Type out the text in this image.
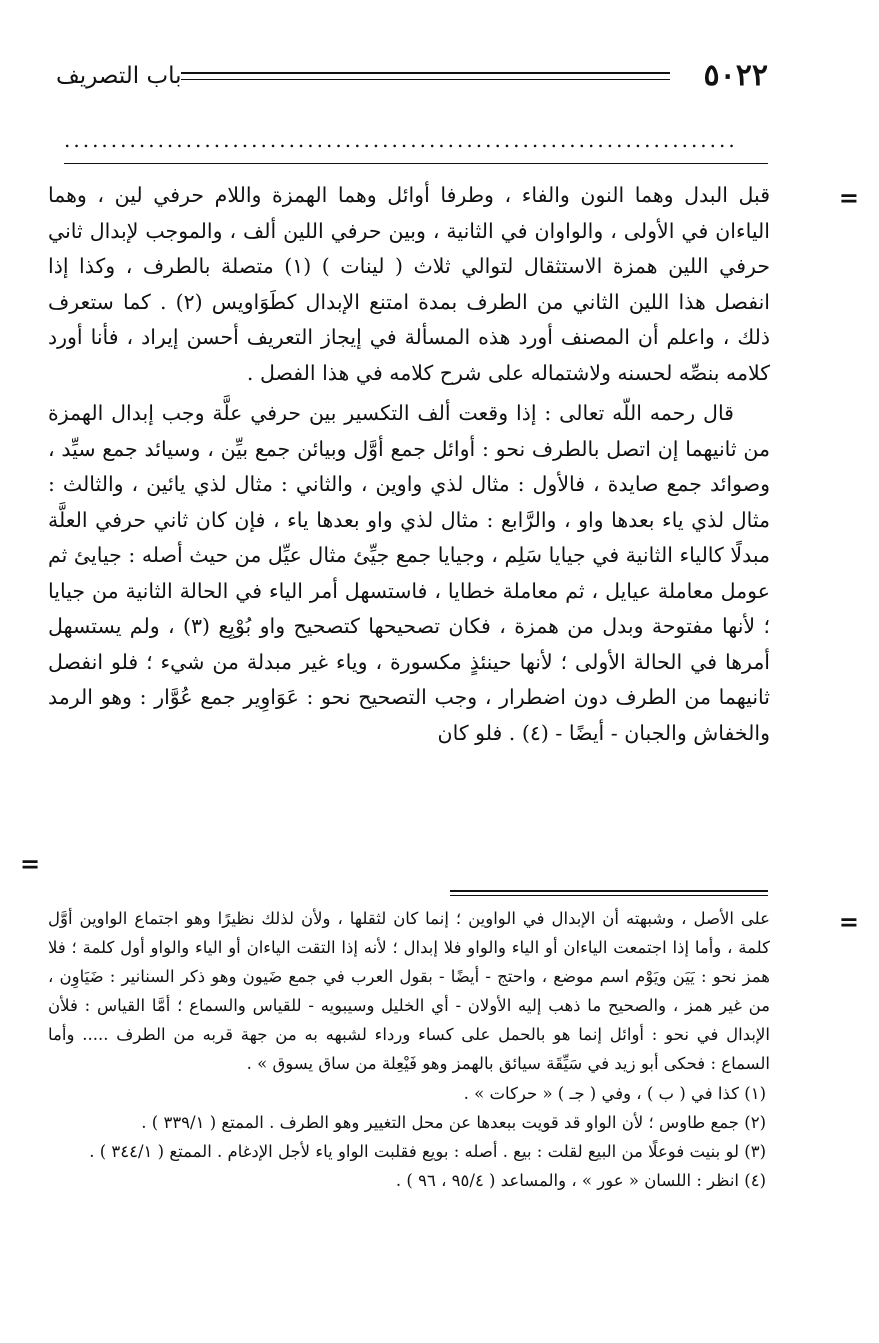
٥٠٢٢
باب التصريف
........................................................................
=

قبل البدل وهما النون والفاء ، وطرفا أوائل وهما الهمزة واللام حرفي لين ، وهما الياءان في الأولى ، والواوان في الثانية ، وبين حرفي اللين ألف ، والموجب لإبدال ثاني حرفي اللين همزة الاستثقال لتوالي ثلاث ( لينات ) (١) متصلة بالطرف ، وكذا إذا انفصل هذا اللين الثاني من الطرف بمدة امتنع الإبدال كطَوَاويس (٢) . كما ستعرف ذلك ، واعلم أن المصنف أورد هذه المسألة في إيجاز التعريف أحسن إيراد ، فأنا أورد كلامه بنصِّه لحسنه ولاشتماله على شرح كلامه في هذا الفصل .

قال رحمه اللّه تعالى : إذا وقعت ألف التكسير بين حرفي علَّة وجب إبدال الهمزة من ثانيهما إن اتصل بالطرف نحو : أوائل جمع أوَّل وبيائن جمع بيِّن ، وسيائد جمع سيِّد ، وصوائد جمع صايدة ، فالأول : مثال لذي واوين ، والثاني : مثال لذي يائين ، والثالث : مثال لذي ياء بعدها واو ، والرَّابع : مثال لذي واو بعدها ياء ، فإن كان ثاني حرفي العلَّة مبدلًا كالياء الثانية في جيايا سَلِم ، وجيايا جمع جيِّئ مثال عيِّل من حيث أصله : جيايئ ثم عومل معاملة عيايل ، ثم معاملة خطايا ، فاستسهل أمر الياء في الحالة الثانية من جيايا ؛ لأنها مفتوحة وبدل من همزة ، فكان تصحيحها كتصحيح واو بُوْيِع (٣) ، ولم يستسهل أمرها في الحالة الأولى ؛ لأنها حينئذٍ مكسورة ، وياء غير مبدلة من شيء ؛ فلو انفصل ثانيهما من الطرف دون اضطرار ، وجب التصحيح نحو : عَوَاوِير جمع عُوَّار : وهو الرمد والخفاش والجبان - أيضًا - (٤) . فلو كان

=
=

على الأصل ، وشبهته أن الإبدال في الواوين ؛ إنما كان لثقلها ، ولأن لذلك نظيرًا وهو اجتماع الواوين أوَّل كلمة ، وأما إذا اجتمعت الياءان أو الياء والواو فلا إبدال ؛ لأنه إذا التقت الياءان أو الياء والواو أول كلمة ؛ فلا همز نحو : يَيَن ويَوْم اسم موضع ، واحتج - أيضًا - بقول العرب في جمع ضَيون وهو ذكر السنانير : ضَيَاوِن ، من غير همز ، والصحيح ما ذهب إليه الأولان - أي الخليل وسيبويه - للقياس والسماع ؛ أمَّا القياس : فلأن الإبدال في نحو : أوائل إنما هو بالحمل على كساء ورداء لشبهه به من جهة قربه من الطرف ..... وأما السماع : فحكى أبو زيد في سَيِّقَة سيائق بالهمز وهو فَيْعِلة من ساق يسوق » .

(١) كذا في ( ب ) ، وفي ( جـ ) « حركات » .

(٢) جمع طاوس ؛ لأن الواو قد قويت ببعدها عن محل التغيير وهو الطرف . الممتع ( ٣٣٩/١ ) .

(٣) لو بنيت فوعلًا من البيع لقلت : بيع . أصله : بويع فقلبت الواو ياء لأجل الإدغام . الممتع ( ٣٤٤/١ ) .

(٤) انظر : اللسان « عور » ، والمساعد ( ٩٥/٤ ، ٩٦ ) .
